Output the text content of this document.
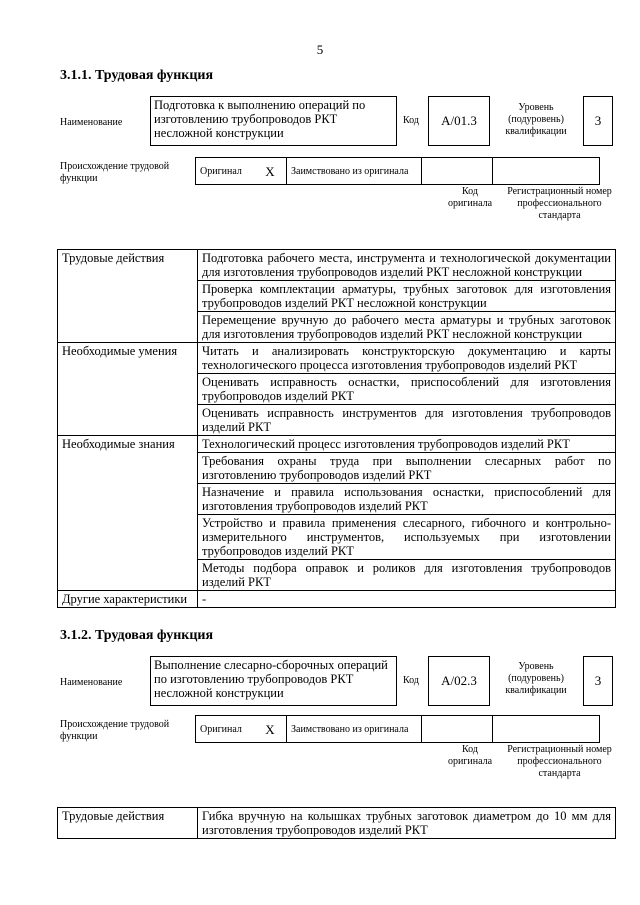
5
3.1.1. Трудовая функция
Наименование
Подготовка к выполнению операций по изготовлению трубопроводов РКТ несложной конструкции
Код	А/01.3
Уровень (подуровень) квалификации
3
Происхождение трудовой функции
Оригинал	X	Заимствовано из оригинала		
Код оригинала
Регистрационный номер профессионального стандарта
Трудовые действия	Подготовка рабочего места, инструмента и технологической документации для изготовления трубопроводов изделий РКТ несложной конструкции
	Проверка комплектации арматуры, трубных заготовок для изготовления трубопроводов изделий РКТ несложной конструкции
	Перемещение вручную до рабочего места арматуры и трубных заготовок для изготовления трубопроводов изделий РКТ несложной конструкции
Необходимые умения	Читать и анализировать конструкторскую документацию и карты технологического процесса изготовления трубопроводов изделий РКТ
	Оценивать исправность оснастки, приспособлений для изготовления трубопроводов изделий РКТ
	Оценивать исправность инструментов для изготовления трубопроводов изделий РКТ
Необходимые знания	Технологический процесс изготовления трубопроводов изделий РКТ
	Требования охраны труда при выполнении слесарных работ по изготовлению трубопроводов изделий РКТ
	Назначение и правила использования оснастки, приспособлений для изготовления трубопроводов изделий РКТ
	Устройство и правила применения слесарного, гибочного и контрольно-измерительного инструментов, используемых при изготовлении трубопроводов изделий РКТ
	Методы подбора оправок и роликов для изготовления трубопроводов изделий РКТ
Другие характеристики	-
3.1.2. Трудовая функция
Наименование
Выполнение слесарно-сборочных операций по изготовлению трубопроводов РКТ несложной конструкции
Код	А/02.3
Уровень (подуровень) квалификации
3
Происхождение трудовой функции
Оригинал	X	Заимствовано из оригинала		
Код оригинала
Регистрационный номер профессионального стандарта
Трудовые действия	Гибка вручную на колышках трубных заготовок диаметром до 10 мм для изготовления трубопроводов изделий РКТ
